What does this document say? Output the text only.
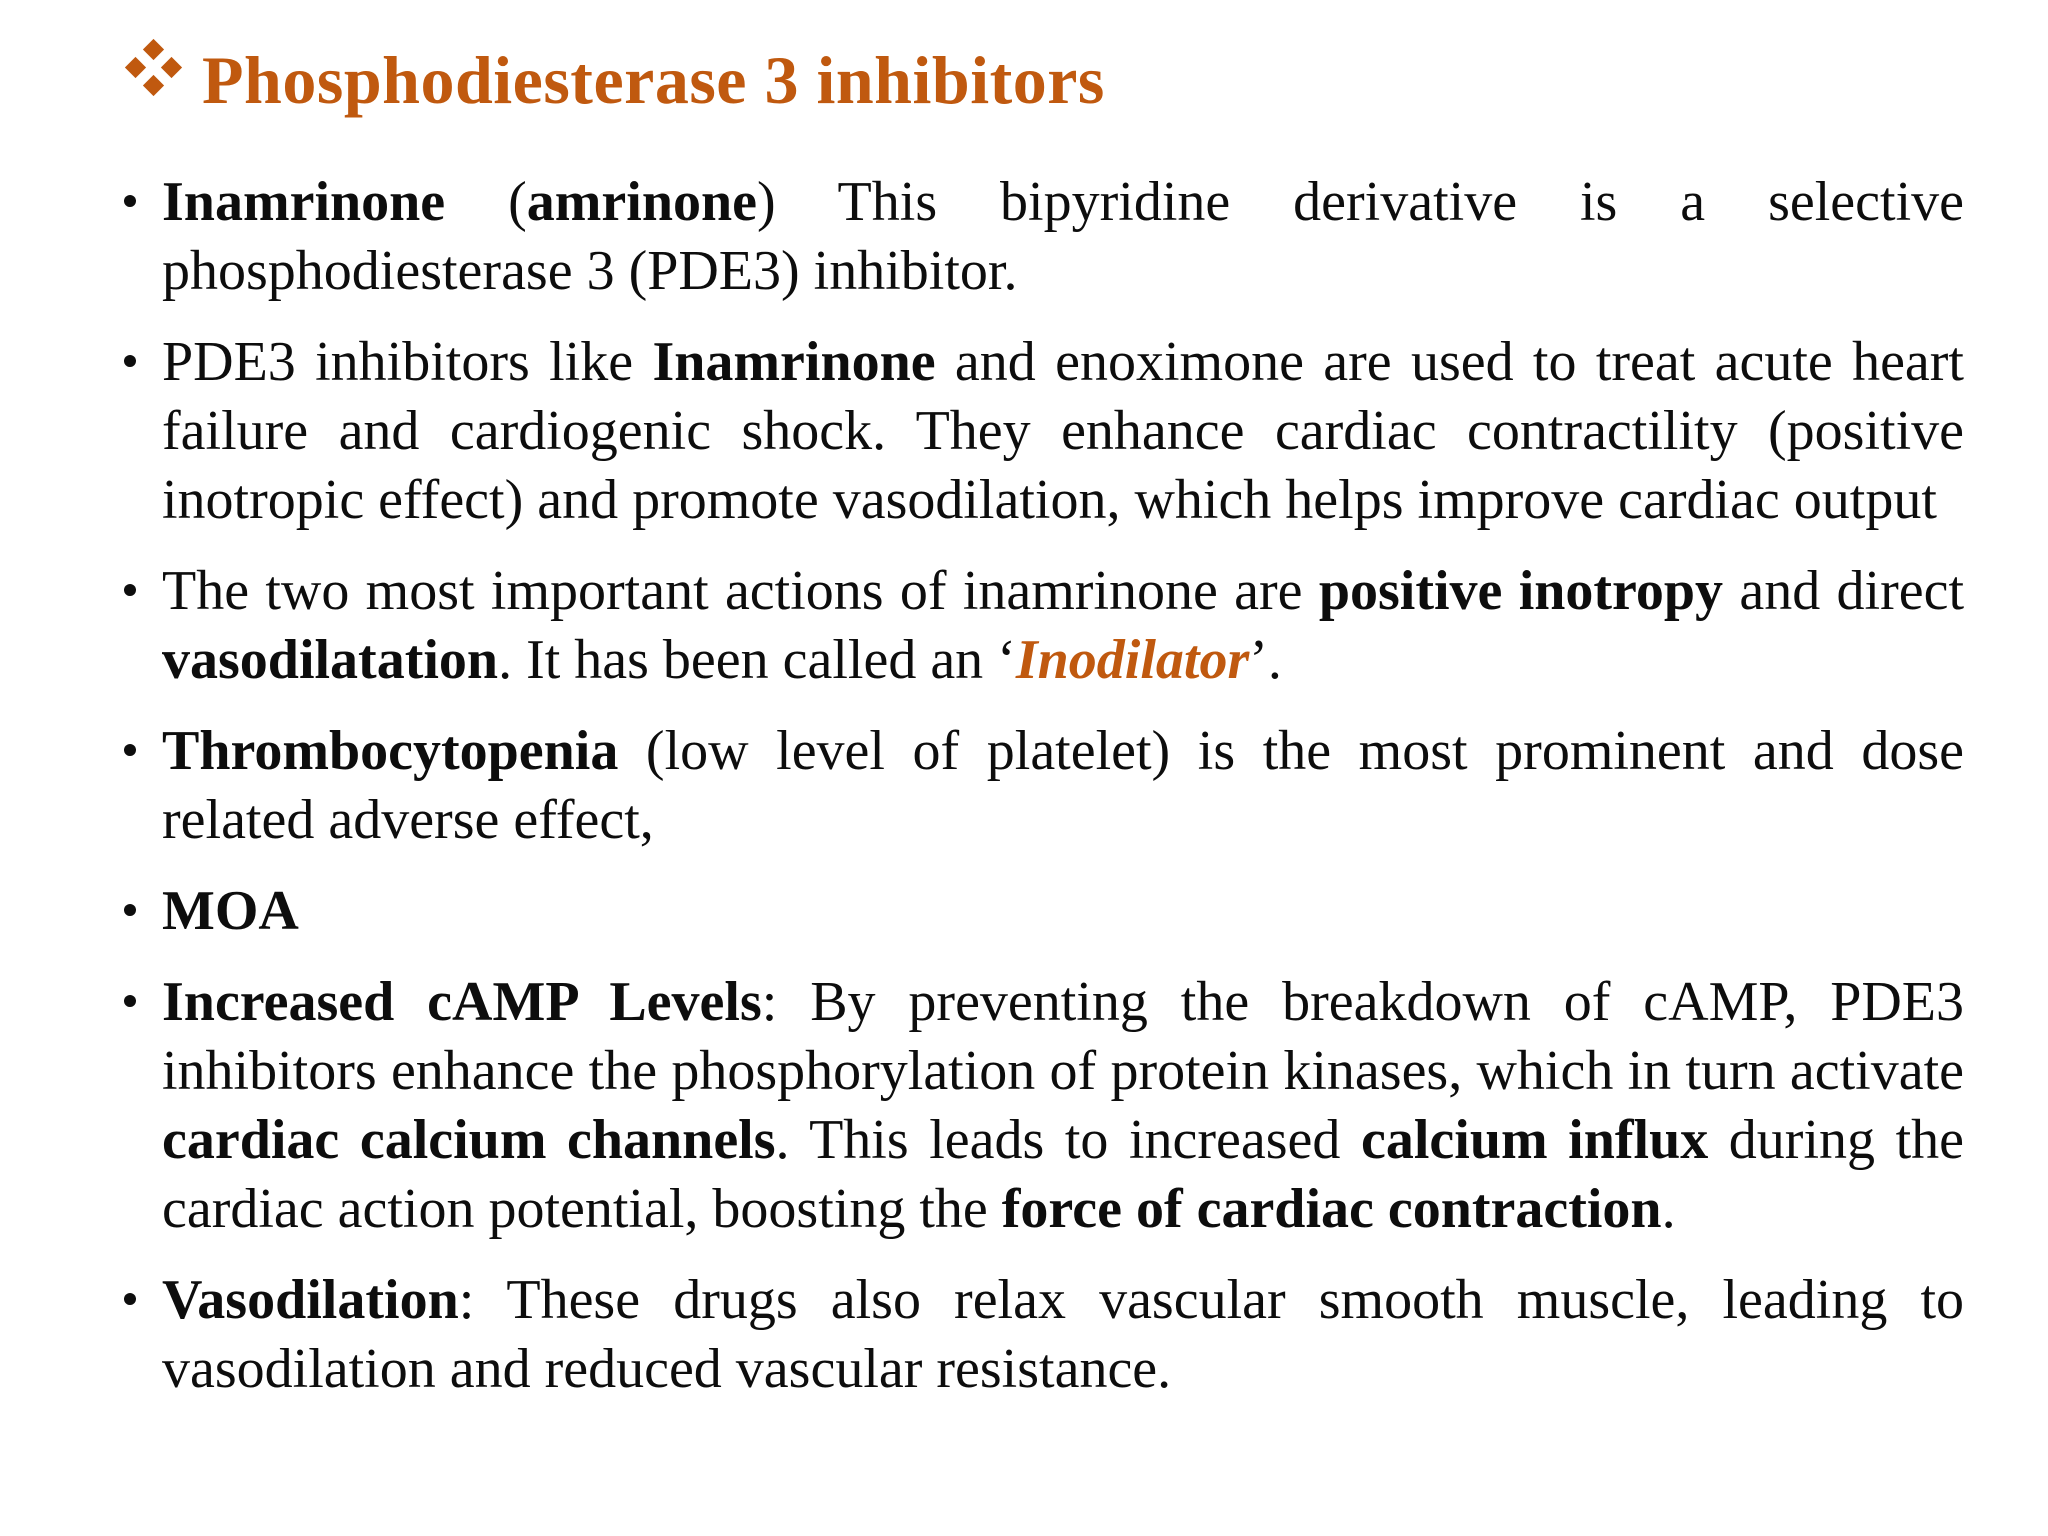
Phosphodiesterase 3 inhibitors
Inamrinone (amrinone) This bipyridine derivative is a selective phosphodiesterase 3 (PDE3) inhibitor.
PDE3 inhibitors like Inamrinone and enoximone are used to treat acute heart failure and cardiogenic shock. They enhance cardiac contractility (positive inotropic effect) and promote vasodilation, which helps improve cardiac output
The two most important actions of inamrinone are positive inotropy and direct vasodilatation. It has been called an ‘Inodilator’.
Thrombocytopenia (low level of platelet) is the most prominent and dose related adverse effect,
MOA
Increased cAMP Levels: By preventing the breakdown of cAMP, PDE3 inhibitors enhance the phosphorylation of protein kinases, which in turn activate cardiac calcium channels. This leads to increased calcium influx during the cardiac action potential, boosting the force of cardiac contraction.
Vasodilation: These drugs also relax vascular smooth muscle, leading to vasodilation and reduced vascular resistance.
